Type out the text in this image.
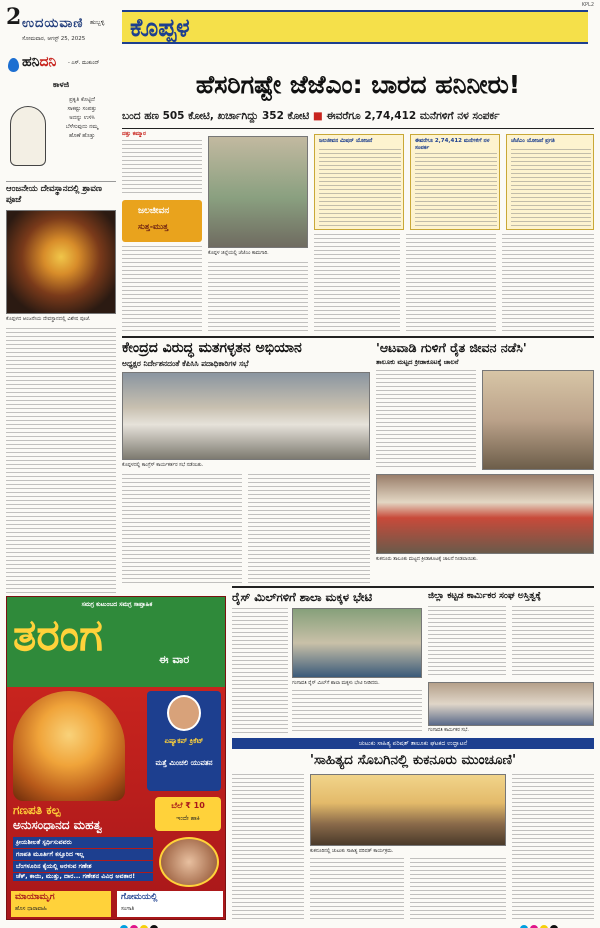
2 ಉದಯವಾಣಿ ಹುಬ್ಬಳ್ಳಿ
ಸೋಮವಾರ, ಆಗಸ್ಟ್ 25, 2025 ಕೊಪ್ಪಳ
KPL2
ಹನಿದನಿ - ಎಸ್. ಮುಕುಂದ್
ಕಾಳಜಿ
ಪ್ರಕೃತಿ ಕೊಟ್ಟಿದೆ
ಸಾಕಷ್ಟು ಸಂಪತ್ತು
ಅದನ್ನು ಉಳಿಸಿ
ಬೆಳೆಸುವುದು ನಮ್ಮ
ಹೊಣೆ ಹೊತ್ತು
ಆಂಜನೇಯ ದೇವಸ್ಥಾನದಲ್ಲಿ ಶ್ರಾವಣ ಪೂಜೆ
ಕೊಪ್ಪಳದ ಆಂಜನೇಯ ದೇವಸ್ಥಾನದಲ್ಲಿ ವಿಶೇಷ ಪೂಜೆ.
ಹೆಸರಿಗಷ್ಟೇ ಜೆಜೆಎಂ: ಬಾರದ ಹನಿನೀರು!
ಬಂದ ಹಣ 505 ಕೋಟಿ, ಖರ್ಚಾಗಿದ್ದು 352 ಕೋಟಿ ■ ಈವರೆಗೂ 2,74,412 ಮನೆಗಳಿಗೆ ನಳ ಸಂಪರ್ಕ
ದತ್ತು ಕಮ್ಮಾರ
ಜಲಜೀವನ
ಸುತ್ತ-ಮುತ್ತ
ಕೊಪ್ಪಳ ಜಿಲ್ಲೆಯಲ್ಲಿ ಜೆಜೆಎಂ ಕಾಮಗಾರಿ.
ಜಲಜೀವನ ಮಿಷನ್ ಯೋಜನೆ	ಈವರೆಗೂ 2,74,412 ಮನೆಗಳಿಗೆ ನಳ ಸಂಪರ್ಕ
ಜೆಜೆಎಂ ಯೋಜನೆ ಪ್ರಗತಿ
ಕೇಂದ್ರದ ವಿರುದ್ಧ ಮತಗಳ್ಳತನ ಅಭಿಯಾನ
ಅಧ್ಯಕ್ಷರ ನಿರ್ದೇಶನದಂತೆ ಕೆಪಿಸಿಸಿ ಪದಾಧಿಕಾರಿಗಳ ಸಭೆ
ಕೊಪ್ಪಳದಲ್ಲಿ ಕಾಂಗ್ರೆಸ್ ಕಾರ್ಯಕರ್ತರ ಸಭೆ ನಡೆಯಿತು.
'ಆಟವಾಡಿ ಗುಳಿಗೆ ರೈತ ಜೀವನ ನಡೆಸಿ'
ತಾಲೂಕು ಮಟ್ಟದ ಕ್ರೀಡಾಕೂಟಕ್ಕೆ ಚಾಲನೆ
ಕುಕನೂರು ತಾಲೂಕು ಮಟ್ಟದ ಕ್ರೀಡಾಕೂಟಕ್ಕೆ ಚಾಲನೆ ನೀಡಲಾಯಿತು.
ರೈಸ್ ಮಿಲ್‌ಗಳಿಗೆ ಶಾಲಾ ಮಕ್ಕಳ ಭೇಟಿ
ಗಂಗಾವತಿ ರೈಸ್ ಮಿಲ್‌ಗೆ ಶಾಲಾ ಮಕ್ಕಳು ಭೇಟಿ ನೀಡಿದರು.
ಜಿಲ್ಲಾ ಕಟ್ಟಡ ಕಾರ್ಮಿಕರ ಸಂಘ ಅಸ್ತಿತ್ವಕ್ಕೆ
ಗಂಗಾವತಿ ಕಾರ್ಮಿಕರ ಸಭೆ.
ಚುಟುಕು ಸಾಹಿತ್ಯ ಪರಿಷತ್ ತಾಲೂಕು ಘಟಕದ ಉದ್ಘಾಟನೆ
'ಸಾಹಿತ್ಯದ ಸೊಬಗಿನಲ್ಲಿ ಕುಕನೂರು ಮುಂಚೂಣಿ'
ಕುಕನೂರಿನಲ್ಲಿ ಚುಟುಕು ಸಾಹಿತ್ಯ ಪರಿಷತ್ ಕಾರ್ಯಕ್ರಮ.
ಸಮಗ್ರ ಕುಟುಂಬದ ಸಮಗ್ರ ಸಾಪ್ತಾಹಿಕ
ತರಂಗ	ಈ ವಾರ
ಏಷ್ಯಾಕಪ್ ಕ್ರಿಕೆಟ್
ಮತ್ತೆ ಮಿಂಚಲಿ ಯುವತನ
ಗಣಪತಿ ಕಲ್ಪ
ಅನುಸಂಧಾನದ ಮಹತ್ವ
ಬೆಲೆ ₹ 10
ಇಂದೇ ಹಾಕಿ
ಕ್ರೀಯಶೀಲತೆ ಸ್ಪರ್ಧಿಸುವವರು
ಗಣಪತಿ ಮೂರ್ತಿಗೆ ಕಸ್ತೂರಿದ ಇಲ್ಲ
ಬೆಂಗಳೂರಿನ ಕೈಯಲ್ಲಿ ಅರಳುವ ಗಣೇಶ
ಚೆಕ್, ಕಾಯಿ, ಮುತ್ತು, ದಾರ... ಗಣೇಶನ ವಿವಿಧ ಅವತಾರ!
ಮಾಯಾಮೃಗ
ಹೊಸ ಧಾರಾವಾಹಿ
ಗೋಮಯಲ್ಲಿ
ಸಂಗಾತಿ
